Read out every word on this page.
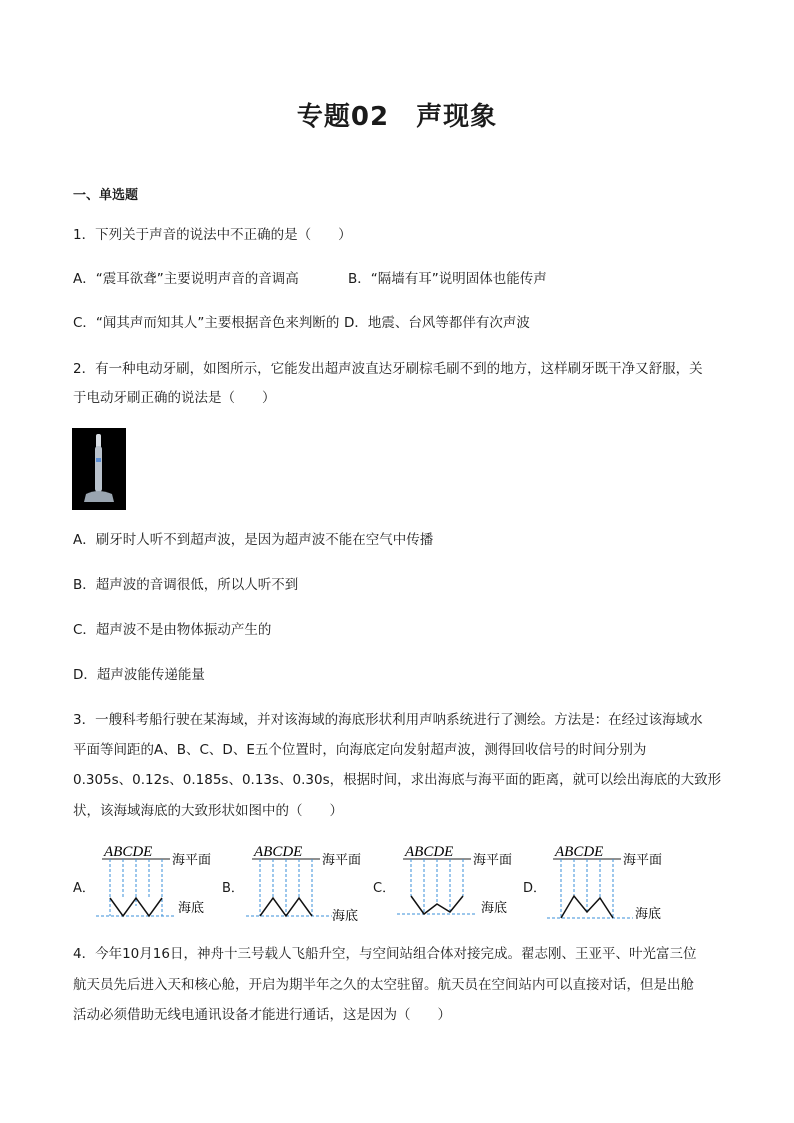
专题02　声现象
一、单选题
1．下列关于声音的说法中不正确的是（　　）
A．“震耳欲聋”主要说明声音的音调高	B．“隔墙有耳”说明固体也能传声
C．“闻其声而知其人”主要根据音色来判断的 D．地震、台风等都伴有次声波
2．有一种电动牙刷，如图所示，它能发出超声波直达牙刷棕毛刷不到的地方，这样刷牙既干净又舒服，关
于电动牙刷正确的说法是（　　）
A．刷牙时人听不到超声波，是因为超声波不能在空气中传播
B．超声波的音调很低，所以人听不到
C．超声波不是由物体振动产生的
D．超声波能传递能量
3．一艘科考船行驶在某海域，并对该海域的海底形状利用声呐系统进行了测绘。方法是：在经过该海域水
平面等间距的A、B、C、D、E五个位置时，向海底定向发射超声波，测得回收信号的时间分别为
0.305s、0.12s、0.185s、0.13s、0.30s，根据时间，求出海底与海平面的距离，就可以绘出海底的大致形
状，该海域海底的大致形状如图中的（　　）
A．	B．	C．	D．
ABCDE
海平面
海底
ABCDE
海平面
海底
ABCDE
海平面
海底
ABCDE
海平面
海底
4．今年10月16日，神舟十三号载人飞船升空，与空间站组合体对接完成。翟志刚、王亚平、叶光富三位
航天员先后进入天和核心舱，开启为期半年之久的太空驻留。航天员在空间站内可以直接对话，但是出舱
活动必须借助无线电通讯设备才能进行通话，这是因为（　　）
